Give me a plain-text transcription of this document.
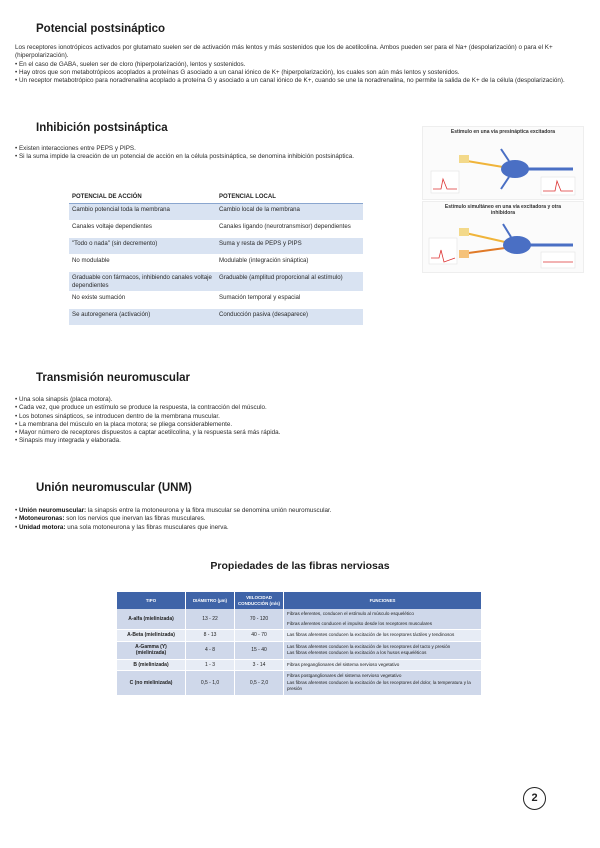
Potencial postsináptico

Los receptores ionotrópicos activados por glutamato suelen ser de activación más lentos y más sostenidos que los de acetilcolina. Ambos pueden ser para el Na+ (despolarización) o para el K+ (hiperpolarización).

• En el caso de GABA, suelen ser de cloro (hiperpolarización), lentos y sostenidos.
• Hay otros que son metabotrópicos acoplados a proteínas G asociado a un canal iónico de K+ (hiperpolarización), los cuales son aún más lentos y sostenidos.
• Un receptor metabotrópico para noradrenalina acoplado a proteína G y asociado a un canal iónico de K+, cuando se une la noradrenalina, no permite la salida de K+ de la célula (despolarización).
Inhibición postsináptica
• Existen interacciones entre PEPS y PIPS.
• Si la suma impide la creación de un potencial de acción en la célula postsináptica, se denomina inhibición postsináptica.
Estímulo en una vía presináptica excitadora
Estímulo simultáneo en una vía excitadora y otra inhibidora
POTENCIAL DE ACCIÓN	POTENCIAL LOCAL
Cambio potencial toda la membrana	Cambio local de la membrana
Canales voltaje dependientes	Canales ligando (neurotransmisor) dependientes
"Todo o nada" (sin decremento)	Suma y resta de PEPS y PIPS
No modulable	Modulable (integración sináptica)
Graduable con fármacos, inhibiendo canales voltaje dependientes	Graduable (amplitud proporcional al estímulo)
No existe sumación	Sumación temporal y espacial
Se autoregenera (activación)	Conducción pasiva (desaparece)
Transmisión neuromuscular
• Una sola sinapsis (placa motora).
• Cada vez, que produce un estímulo se produce la respuesta, la contracción del músculo.
• Los botones sinápticos, se introducen dentro de la membrana muscular.
• La membrana del músculo en la placa motora; se pliega considerablemente.
• Mayor número de receptores dispuestos a captar acetilcolina, y la respuesta será más rápida.
• Sinapsis muy integrada y elaborada.
Unión neuromuscular (UNM)
• Unión neuromuscular: la sinapsis entre la motoneurona y la fibra muscular se denomina unión neuromuscular.
• Motoneuronas: son los nervios que inervan las fibras musculares.
• Unidad motora: una sola motoneurona y las fibras musculares que inerva.
Propiedades de las fibras nerviosas
TIPO	DIÁMETRO (µm)	VELOCIDAD CONDUCCIÓN (m/s)	FUNCIONES
A-alfa (mielinizada)	13 - 22	70 - 120	Fibras eferentes, conducen el estímulo al músculo esquelético
Fibras aferentes conducen el impulso desde los receptores musculares

A-Beta (mielinizada)	8 - 13	40 - 70	Las fibras aferentes conducen la excitación de los receptores táctiles y tendinosos

A-Gamma (Y) (mielinizada)	4 - 8	15 - 40	Las fibras aferentes conducen la excitación de los receptores del tacto y presión
Las fibras eferentes conducen la excitación a los husos esqueléticos

B (mielinizada)	1 - 3	3 - 14	Fibras preganglionares del sistema nervioso vegetativo

C (no mielinizada)	0,5 - 1,0	0,5 - 2,0	Fibras postganglionares del sistema nervioso vegetativo
Las fibras aferentes conducen la excitación de los receptores del dolor, la temperatura y la presión
2
